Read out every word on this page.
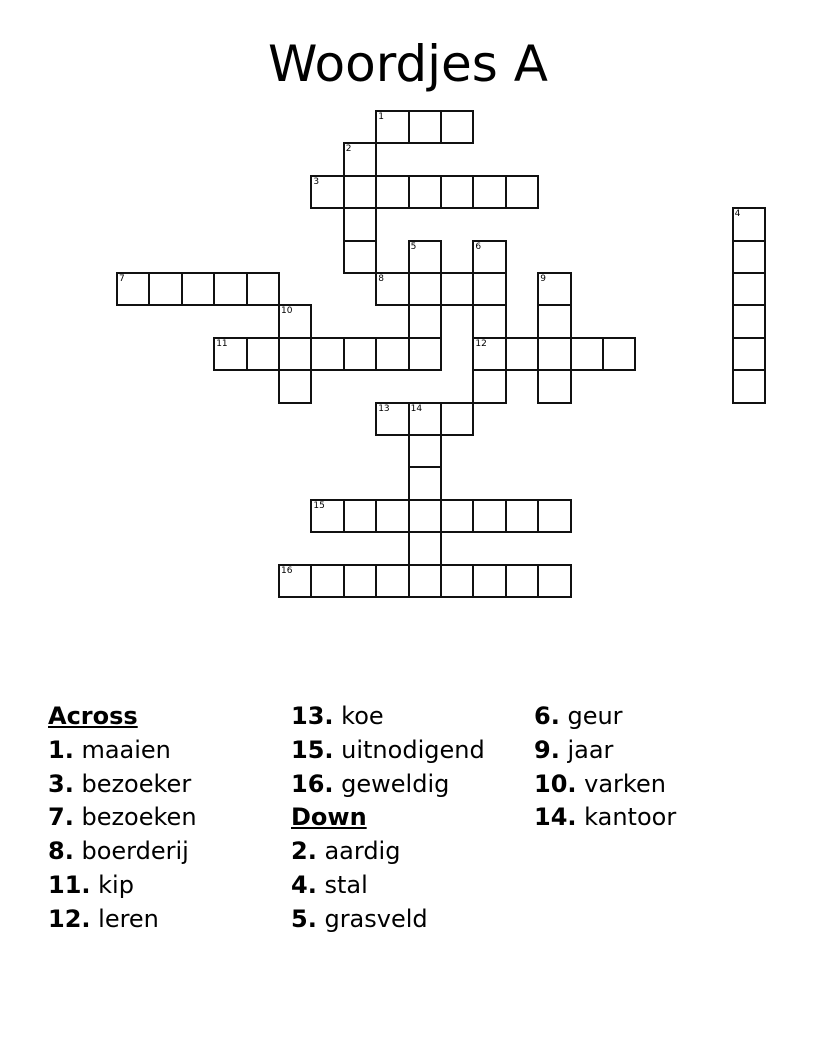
Woordjes A
1
2
3
4
5	6
12
7	8	9
10
11
13 14
15
16
Across
1. maaien
3. bezoeker
7. bezoeken
8. boerderij
11. kip
12. leren
13. koe
15. uitnodigend
16. geweldig
Down
2. aardig
4. stal
5. grasveld
6. geur
9. jaar
10. varken
14. kantoor
